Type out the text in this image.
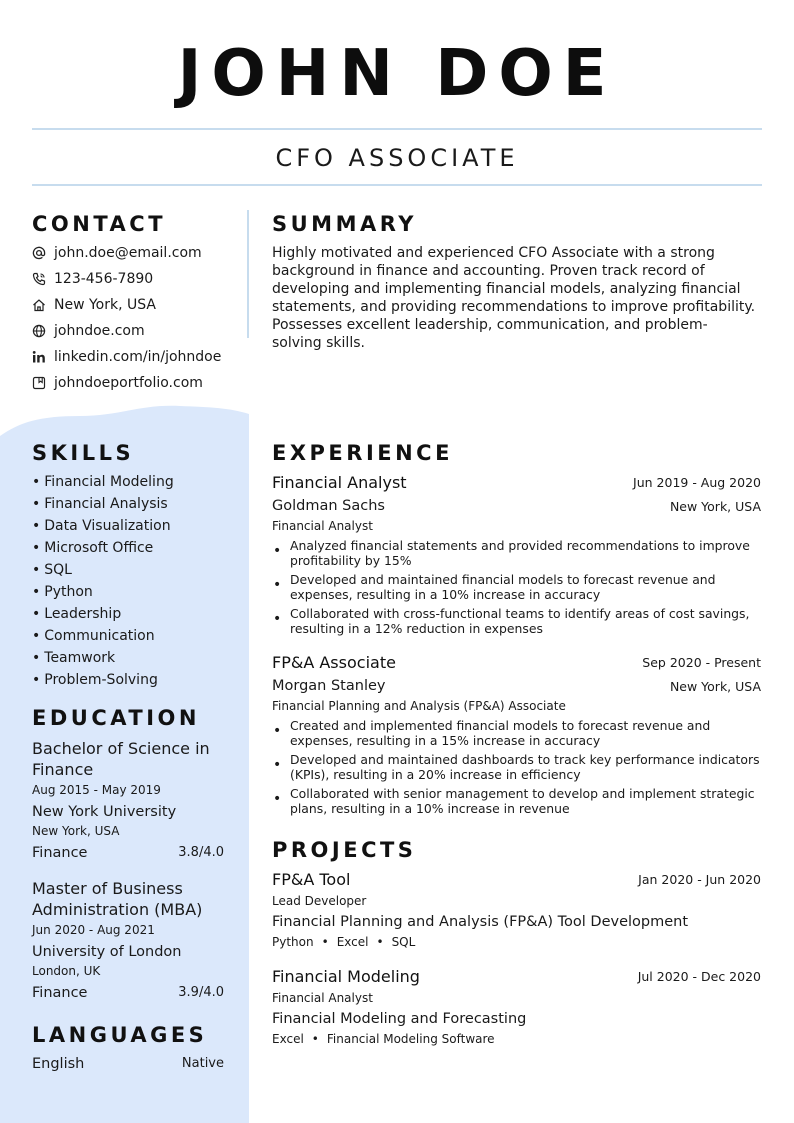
JOHN DOE
CFO ASSOCIATE
CONTACT
john.doe@email.com
123-456-7890
New York, USA
johndoe.com
linkedin.com/in/johndoe
johndoeportfolio.com
SUMMARY
Highly motivated and experienced CFO Associate with a strong background in finance and accounting. Proven track record of developing and implementing financial models, analyzing financial statements, and providing recommendations to improve profitability. Possesses excellent leadership, communication, and problem-solving skills.
SKILLS
• Financial Modeling
• Financial Analysis
• Data Visualization
• Microsoft Office
• SQL
• Python
• Leadership
• Communication
• Teamwork
• Problem-Solving
EDUCATION
Bachelor of Science in Finance
Aug 2015 - May 2019
New York University
New York, USA
Finance	3.8/4.0
Master of Business Administration (MBA)
Jun 2020 - Aug 2021
University of London
London, UK
Finance	3.9/4.0
LANGUAGES
English	Native
EXPERIENCE
Financial Analyst	Jun 2019 - Aug 2020
Goldman Sachs	New York, USA
Financial Analyst
• Analyzed financial statements and provided recommendations to improve profitability by 15%
• Developed and maintained financial models to forecast revenue and expenses, resulting in a 10% increase in accuracy
• Collaborated with cross-functional teams to identify areas of cost savings, resulting in a 12% reduction in expenses
FP&A Associate	Sep 2020 - Present
Morgan Stanley	New York, USA
Financial Planning and Analysis (FP&A) Associate
• Created and implemented financial models to forecast revenue and expenses, resulting in a 15% increase in accuracy
• Developed and maintained dashboards to track key performance indicators (KPIs), resulting in a 20% increase in efficiency
• Collaborated with senior management to develop and implement strategic plans, resulting in a 10% increase in revenue
PROJECTS
FP&A Tool	Jan 2020 - Jun 2020
Lead Developer
Financial Planning and Analysis (FP&A) Tool Development
Python • Excel • SQL
Financial Modeling	Jul 2020 - Dec 2020
Financial Analyst
Financial Modeling and Forecasting
Excel • Financial Modeling Software
